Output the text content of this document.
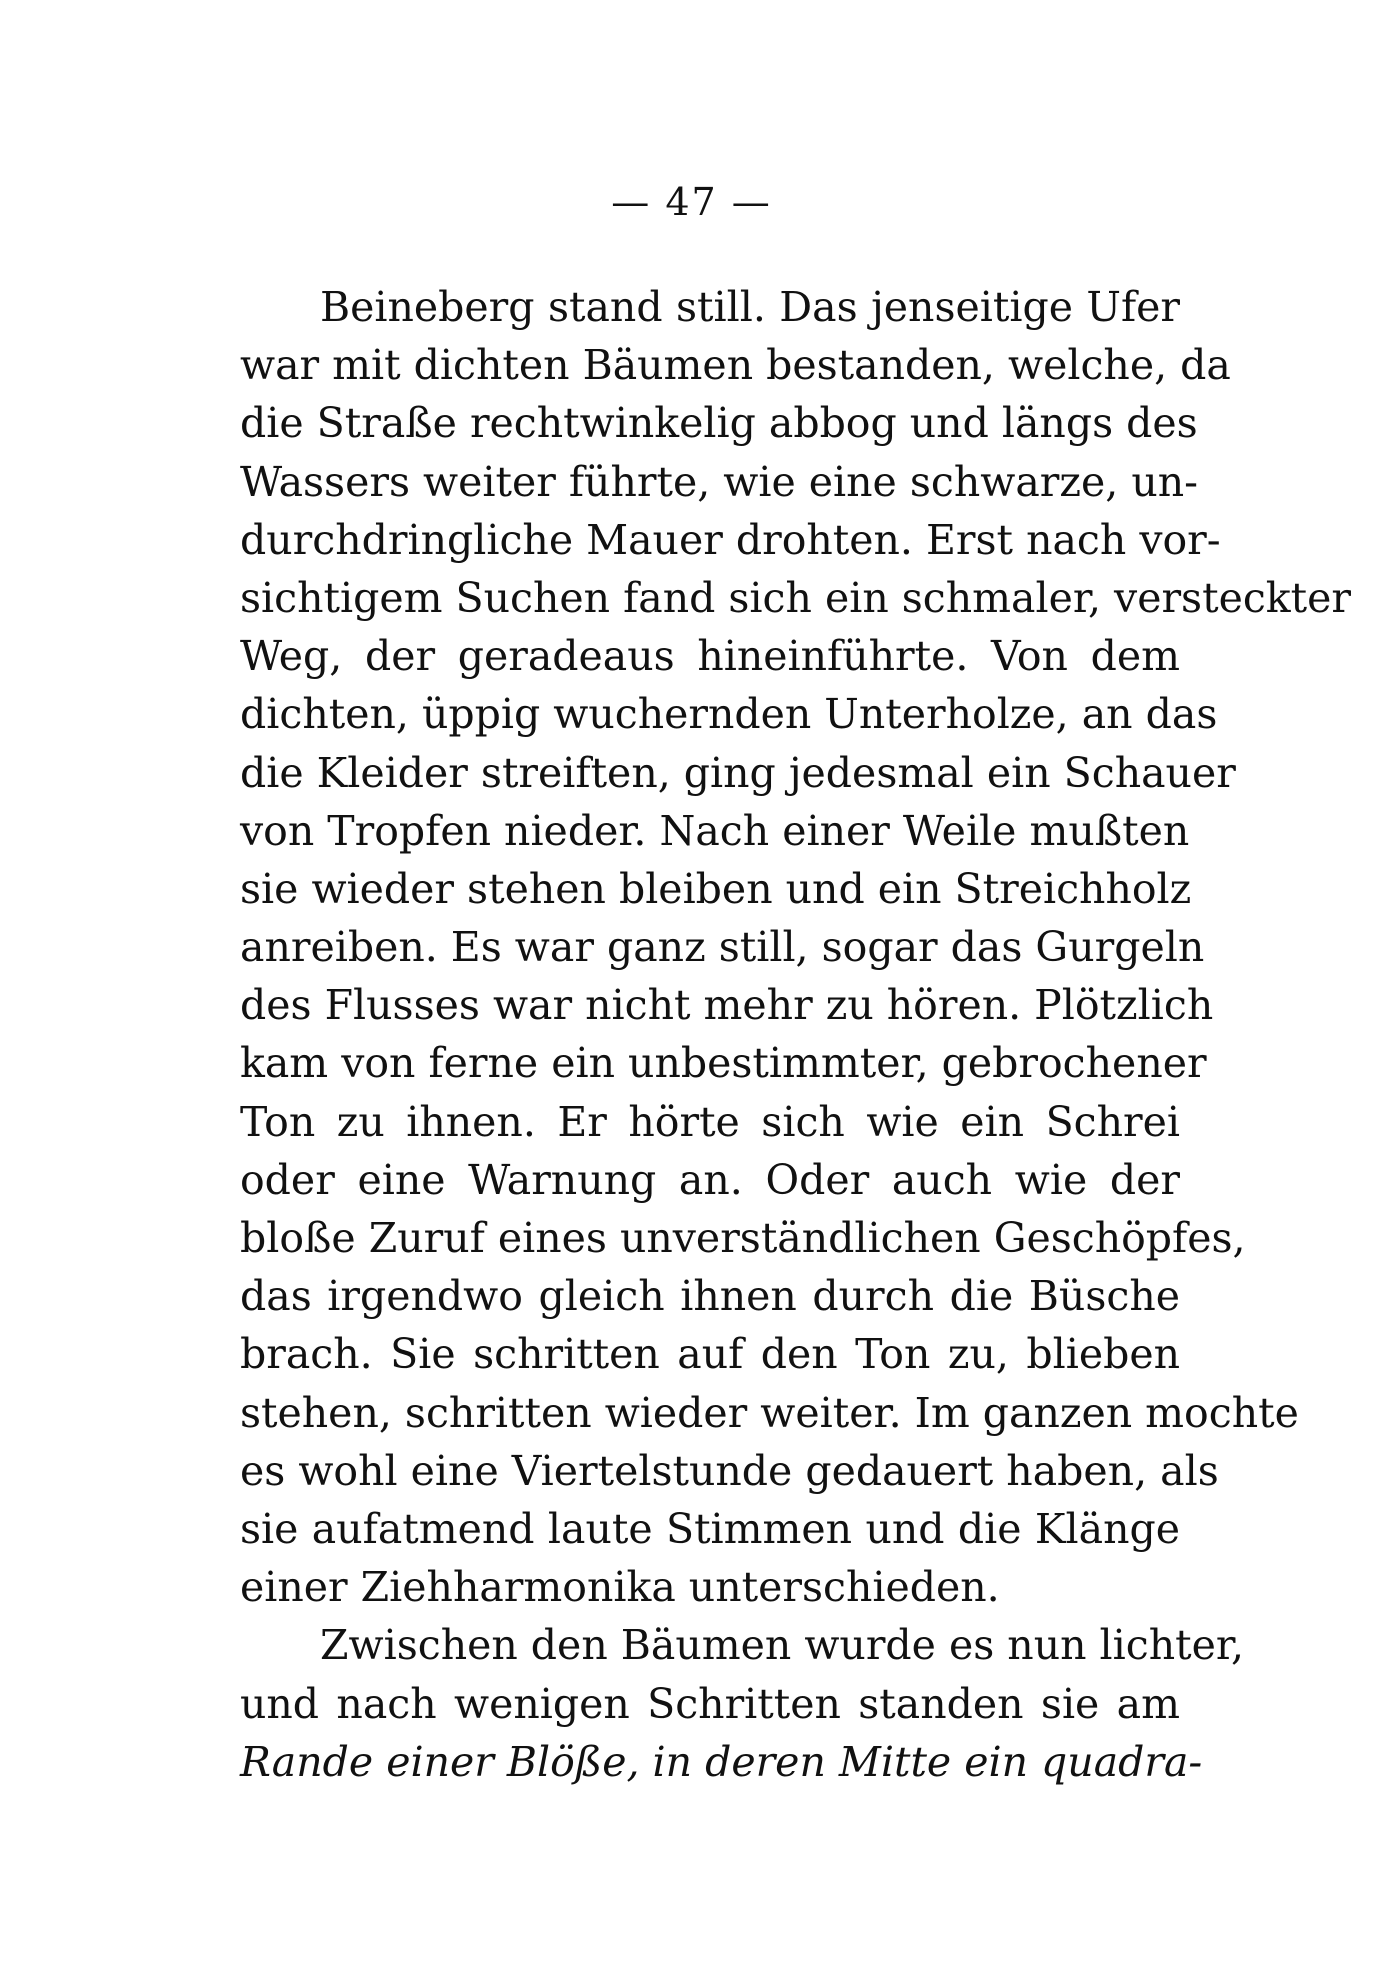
— 47 —
Beineberg stand still. Das jenseitige Ufer
war mit dichten Bäumen bestanden, welche, da
die Straße rechtwinkelig abbog und längs des
Wassers weiter führte, wie eine schwarze, un-
durchdringliche Mauer drohten. Erst nach vor-
sichtigem Suchen fand sich ein schmaler, versteckter
Weg, der geradeaus hineinführte. Von dem
dichten, üppig wuchernden Unterholze, an das
die Kleider streiften, ging jedesmal ein Schauer
von Tropfen nieder. Nach einer Weile mußten
sie wieder stehen bleiben und ein Streichholz
anreiben. Es war ganz still, sogar das Gurgeln
des Flusses war nicht mehr zu hören. Plötzlich
kam von ferne ein unbestimmter, gebrochener
Ton zu ihnen. Er hörte sich wie ein Schrei
oder eine Warnung an. Oder auch wie der
bloße Zuruf eines unverständlichen Geschöpfes,
das irgendwo gleich ihnen durch die Büsche
brach. Sie schritten auf den Ton zu, blieben
stehen, schritten wieder weiter. Im ganzen mochte
es wohl eine Viertelstunde gedauert haben, als
sie aufatmend laute Stimmen und die Klänge
einer Ziehharmonika unterschieden.
Zwischen den Bäumen wurde es nun lichter,
und nach wenigen Schritten standen sie am
Rande einer Blöße, in deren Mitte ein quadra-
